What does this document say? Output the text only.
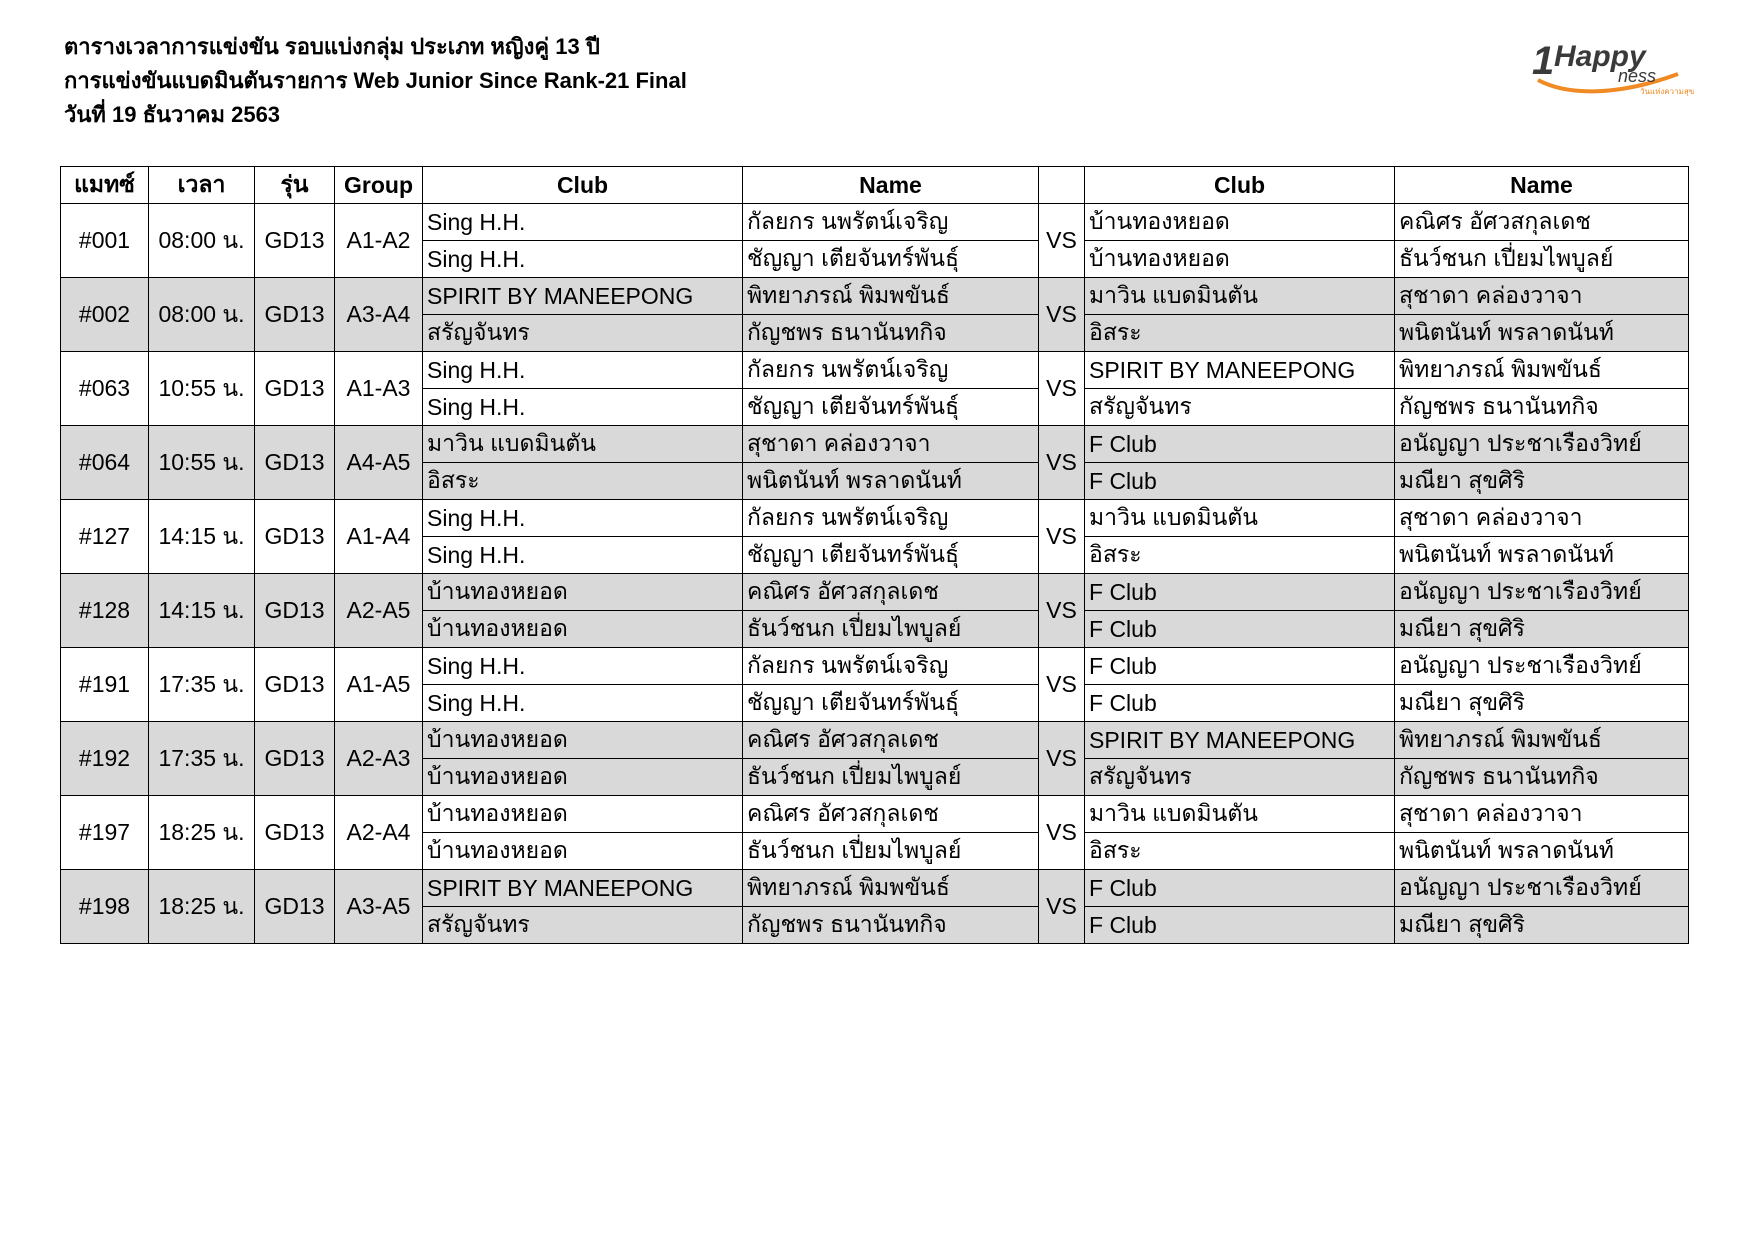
ตารางเวลาการแข่งขัน รอบแบ่งกลุ่ม ประเภท หญิงคู่ 13 ปี
การแข่งขันแบดมินตันรายการ Web Junior Since Rank-21 Final
วันที่ 19 ธันวาคม 2563
1 Happy
ness
วันแห่งความสุข
แมทซ์	เวลา	รุ่น	Group	Club	Name		Club	Name
#001	08:00 น.	GD13	A1-A2	Sing H.H.	กัลยกร นพรัตน์เจริญ	VS	บ้านทองหยอด	คณิศร อัศวสกุลเดช
				Sing H.H.	ชัญญา เตียจันทร์พันธุ์		บ้านทองหยอด	ธันว์ชนก เปี่ยมไพบูลย์
#002	08:00 น.	GD13	A3-A4	SPIRIT BY MANEEPONG	พิทยาภรณ์ พิมพขันธ์	VS	มาวิน แบดมินตัน	สุชาดา คล่องวาจา
				สรัญจันทร	กัญชพร ธนานันทกิจ		อิสระ	พนิตนันท์ พรลาดนันท์
#063	10:55 น.	GD13	A1-A3	Sing H.H.	กัลยกร นพรัตน์เจริญ	VS	SPIRIT BY MANEEPONG	พิทยาภรณ์ พิมพขันธ์
				Sing H.H.	ชัญญา เตียจันทร์พันธุ์		สรัญจันทร	กัญชพร ธนานันทกิจ
#064	10:55 น.	GD13	A4-A5	มาวิน แบดมินตัน	สุชาดา คล่องวาจา	VS	F Club	อนัญญา ประชาเรืองวิทย์
				อิสระ	พนิตนันท์ พรลาดนันท์		F Club	มณียา สุขศิริ
#127	14:15 น.	GD13	A1-A4	Sing H.H.	กัลยกร นพรัตน์เจริญ	VS	มาวิน แบดมินตัน	สุชาดา คล่องวาจา
				Sing H.H.	ชัญญา เตียจันทร์พันธุ์		อิสระ	พนิตนันท์ พรลาดนันท์
#128	14:15 น.	GD13	A2-A5	บ้านทองหยอด	คณิศร อัศวสกุลเดช	VS	F Club	อนัญญา ประชาเรืองวิทย์
				บ้านทองหยอด	ธันว์ชนก เปี่ยมไพบูลย์		F Club	มณียา สุขศิริ
#191	17:35 น.	GD13	A1-A5	Sing H.H.	กัลยกร นพรัตน์เจริญ	VS	F Club	อนัญญา ประชาเรืองวิทย์
				Sing H.H.	ชัญญา เตียจันทร์พันธุ์		F Club	มณียา สุขศิริ
#192	17:35 น.	GD13	A2-A3	บ้านทองหยอด	คณิศร อัศวสกุลเดช	VS	SPIRIT BY MANEEPONG	พิทยาภรณ์ พิมพขันธ์
				บ้านทองหยอด	ธันว์ชนก เปี่ยมไพบูลย์		สรัญจันทร	กัญชพร ธนานันทกิจ
#197	18:25 น.	GD13	A2-A4	บ้านทองหยอด	คณิศร อัศวสกุลเดช	VS	มาวิน แบดมินตัน	สุชาดา คล่องวาจา
				บ้านทองหยอด	ธันว์ชนก เปี่ยมไพบูลย์		อิสระ	พนิตนันท์ พรลาดนันท์
#198	18:25 น.	GD13	A3-A5	SPIRIT BY MANEEPONG	พิทยาภรณ์ พิมพขันธ์	VS	F Club	อนัญญา ประชาเรืองวิทย์
				สรัญจันทร	กัญชพร ธนานันทกิจ		F Club	มณียา สุขศิริ
